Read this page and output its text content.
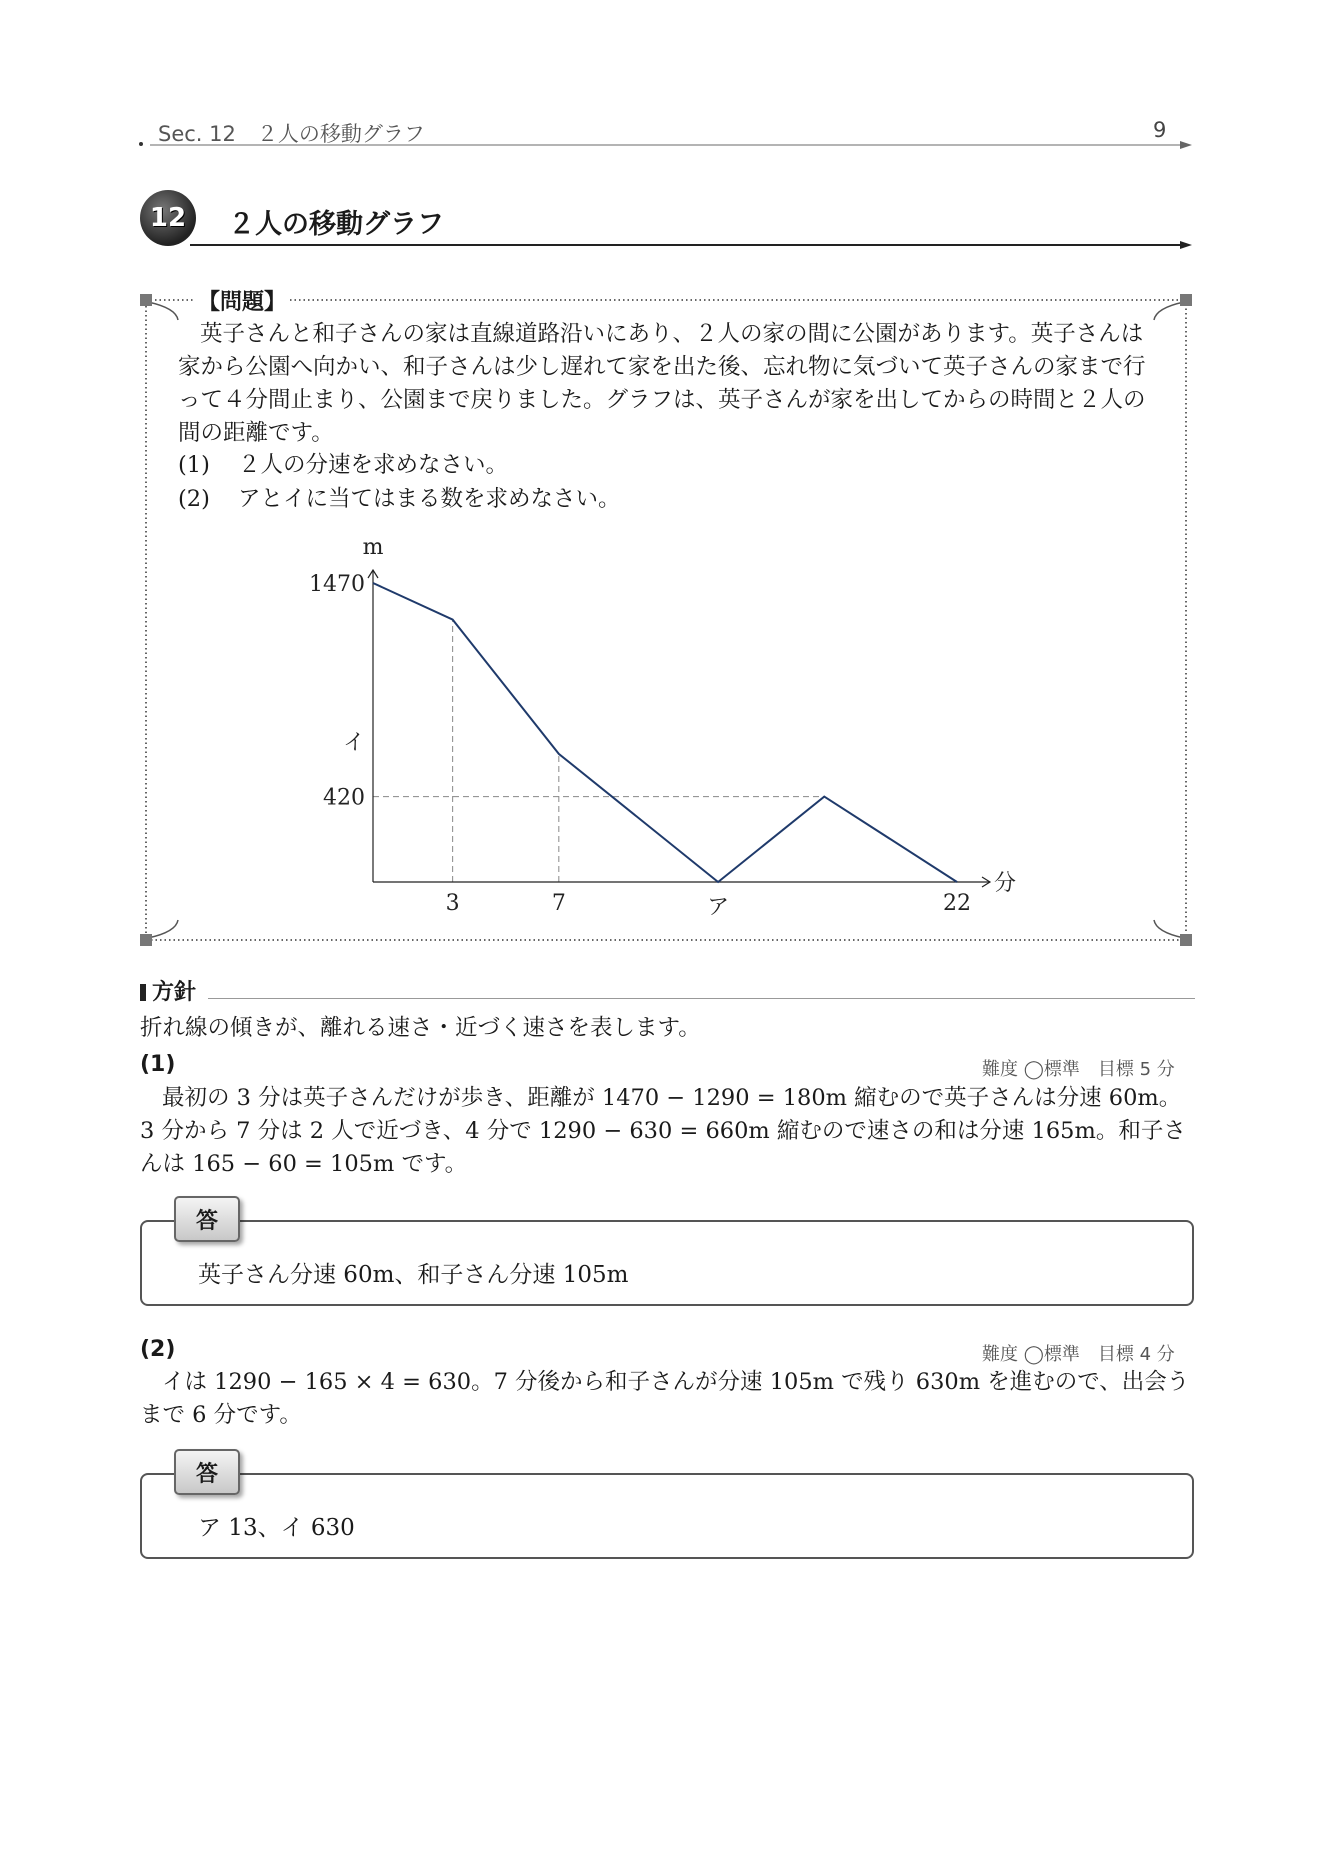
Sec. 12　２人の移動グラフ	9
12 ２人の移動グラフ
【問題】

英子さんと和子さんの家は直線道路沿いにあり、２人の家の間に公園があります。英子さんは家から公園へ向かい、和子さんは少し遅れて家を出た後、忘れ物に気づいて英子さんの家まで行って４分間止まり、公園まで戻りました。グラフは、英子さんが家を出してからの時間と２人の間の距離です。

(1) ２人の分速を求めなさい。
(2) アとイに当てはまる数を求めなさい。
3	7	ア	22
1470
イ
420
m
分
方針
折れ線の傾きが、離れる速さ・近づく速さを表します。
(1)	難度 ◯標準　目標 5 分
最初の 3 分は英子さんだけが歩き、距離が 1470 − 1290 = 180m 縮むので英子さんは分速 60m。
3 分から 7 分は 2 人で近づき、4 分で 1290 − 630 = 660m 縮むので速さの和は分速 165m。和子さ
んは 165 − 60 = 105m です。
答
英子さん分速 60m、和子さん分速 105m
(2)	難度 ◯標準　目標 4 分
イは 1290 − 165 × 4 = 630。7 分後から和子さんが分速 105m で残り 630m を進むので、出会う
まで 6 分です。
答
ア 13、イ 630
